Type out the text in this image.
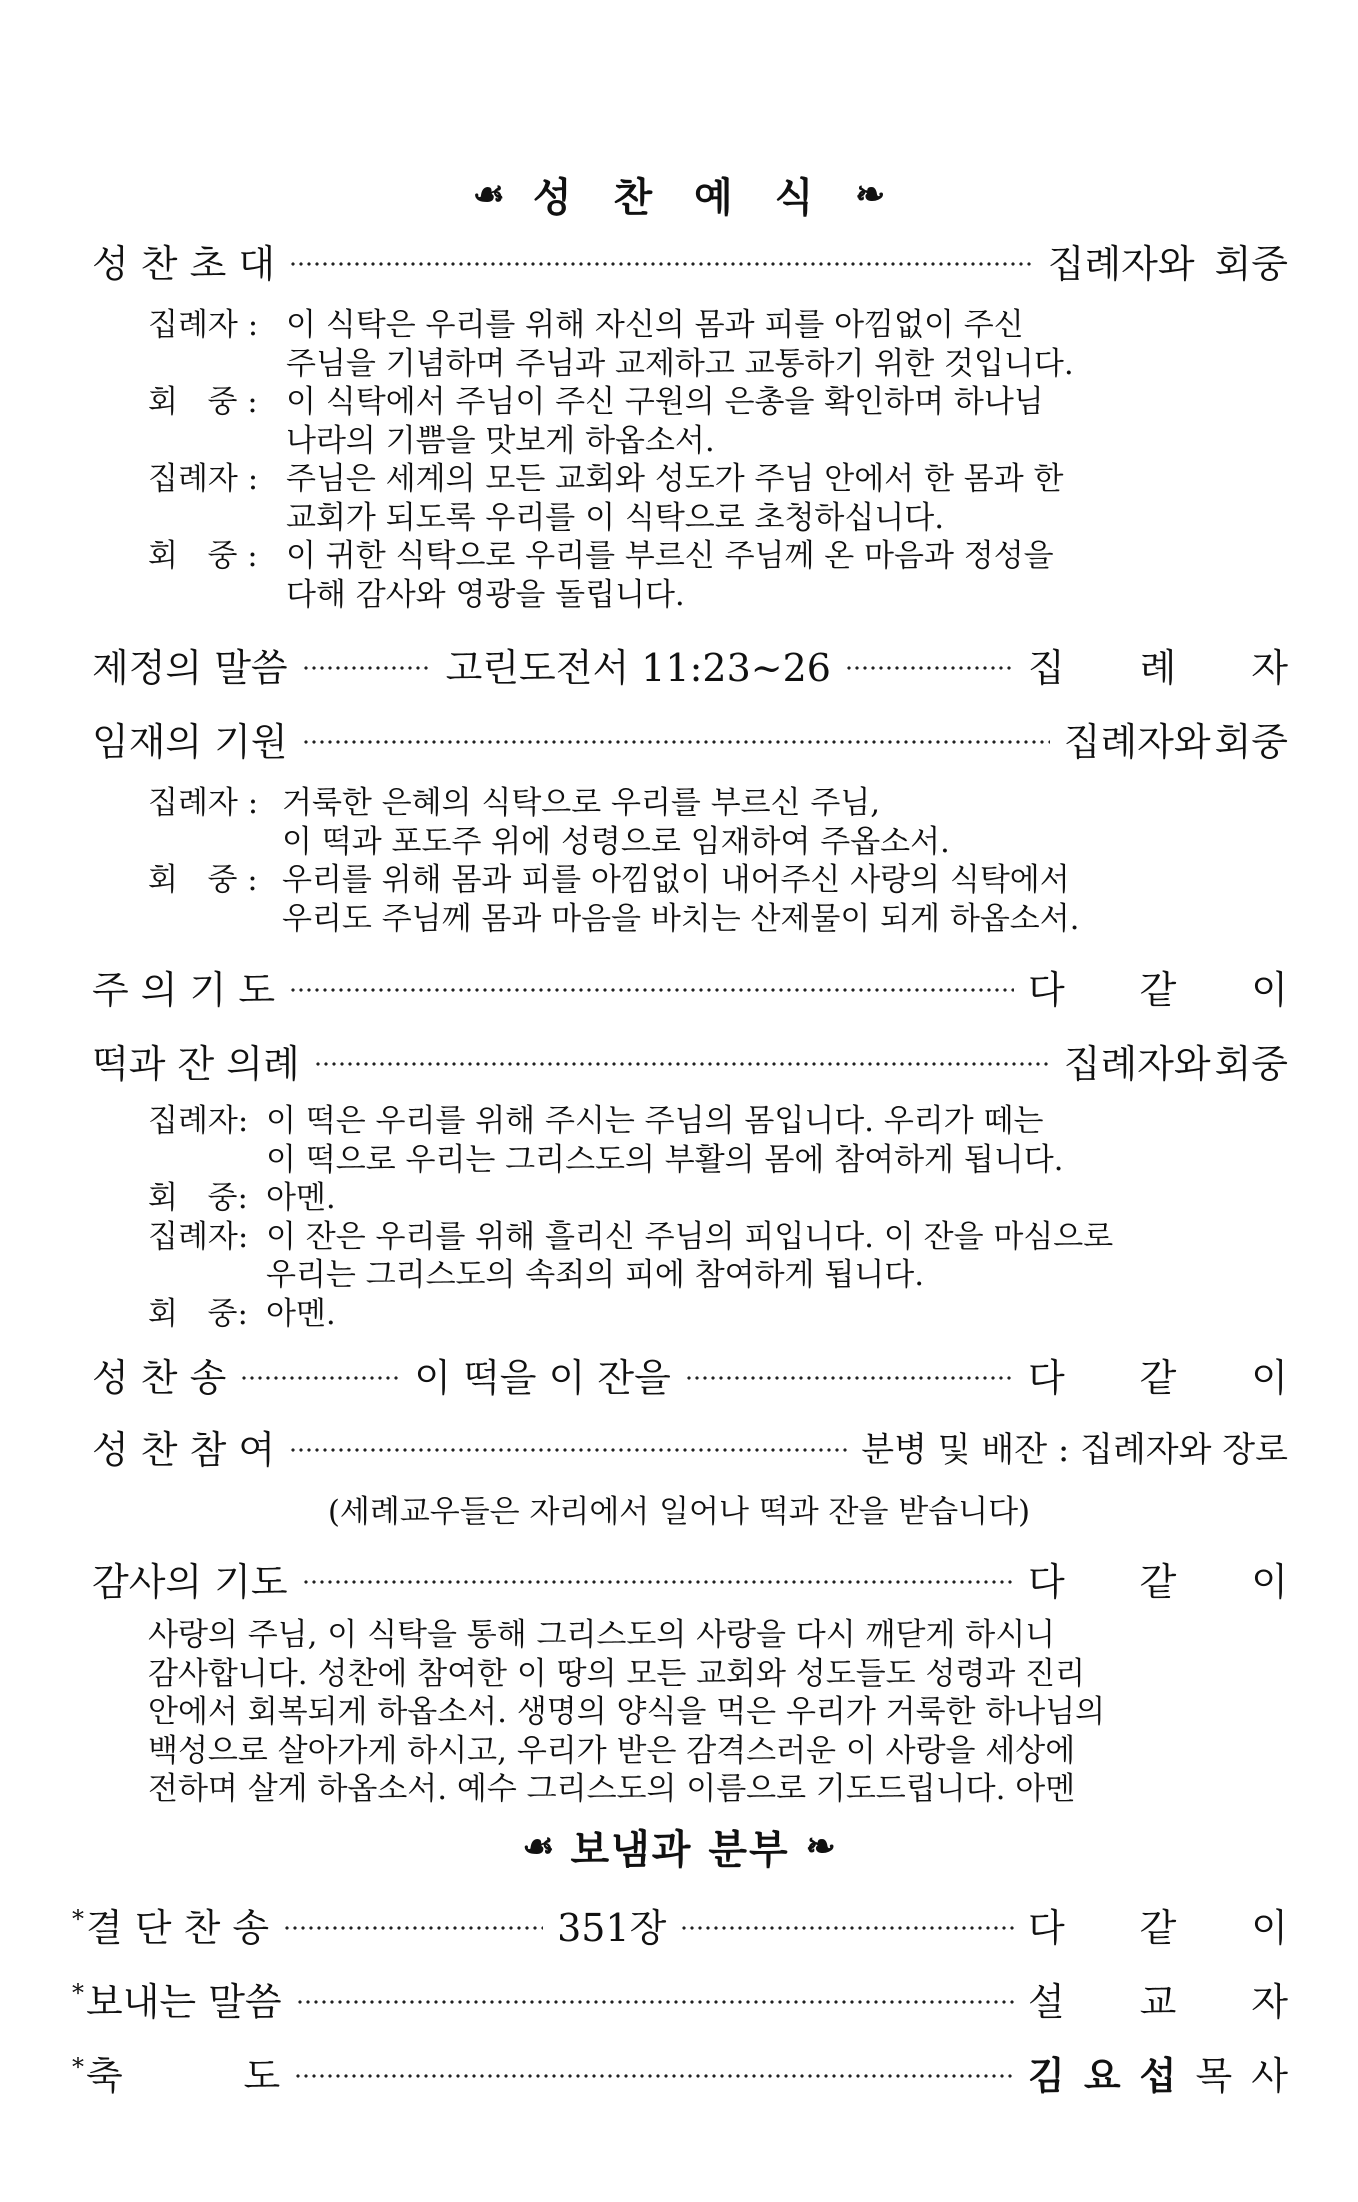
☙ 성 찬 예 식 ❧
성 찬 초 대	집례자와 회중
집례자 : 이 식탁은 우리를 위해 자신의 몸과 피를 아낌없이 주신
주님을 기념하며 주님과 교제하고 교통하기 위한 것입니다.
회   중 : 이 식탁에서 주님이 주신 구원의 은총을 확인하며 하나님
나라의 기쁨을 맛보게 하옵소서.
집례자 : 주님은 세계의 모든 교회와 성도가 주님 안에서 한 몸과 한
교회가 되도록 우리를 이 식탁으로 초청하십니다.
회   중 : 이 귀한 식탁으로 우리를 부르신 주님께 온 마음과 정성을
다해 감사와 영광을 돌립니다.
제정의 말씀	고린도전서 11:23~26	집 례 자
임재의 기원	집례자와 회중
집례자 : 거룩한 은혜의 식탁으로 우리를 부르신 주님,
이 떡과 포도주 위에 성령으로 임재하여 주옵소서.
회   중 : 우리를 위해 몸과 피를 아낌없이 내어주신 사랑의 식탁에서
우리도 주님께 몸과 마음을 바치는 산제물이 되게 하옵소서.
주 의 기 도	다 같 이
떡과 잔 의례	집례자와 회중
집례자: 이 떡은 우리를 위해 주시는 주님의 몸입니다. 우리가 떼는
이 떡으로 우리는 그리스도의 부활의 몸에 참여하게 됩니다.
회   중: 아멘.
집례자: 이 잔은 우리를 위해 흘리신 주님의 피입니다. 이 잔을 마심으로
우리는 그리스도의 속죄의 피에 참여하게 됩니다.
회   중: 아멘.
성 찬 송	이 떡을 이 잔을	다 같 이
성 찬 참 여	분병 및 배잔 : 집례자와 장로
(세례교우들은 자리에서 일어나 떡과 잔을 받습니다)
감사의 기도	다 같 이
사랑의 주님, 이 식탁을 통해 그리스도의 사랑을 다시 깨닫게 하시니
감사합니다. 성찬에 참여한 이 땅의 모든 교회와 성도들도 성령과 진리
안에서 회복되게 하옵소서. 생명의 양식을 먹은 우리가 거룩한 하나님의
백성으로 살아가게 하시고, 우리가 받은 감격스러운 이 사랑을 세상에
전하며 살게 하옵소서. 예수 그리스도의 이름으로 기도드립니다. 아멘
☙ 보냄과 분부 ❧
*결 단 찬 송	351장	다 같 이
*보내는 말씀	설 교 자
*축          도	김 요 섭 목 사
